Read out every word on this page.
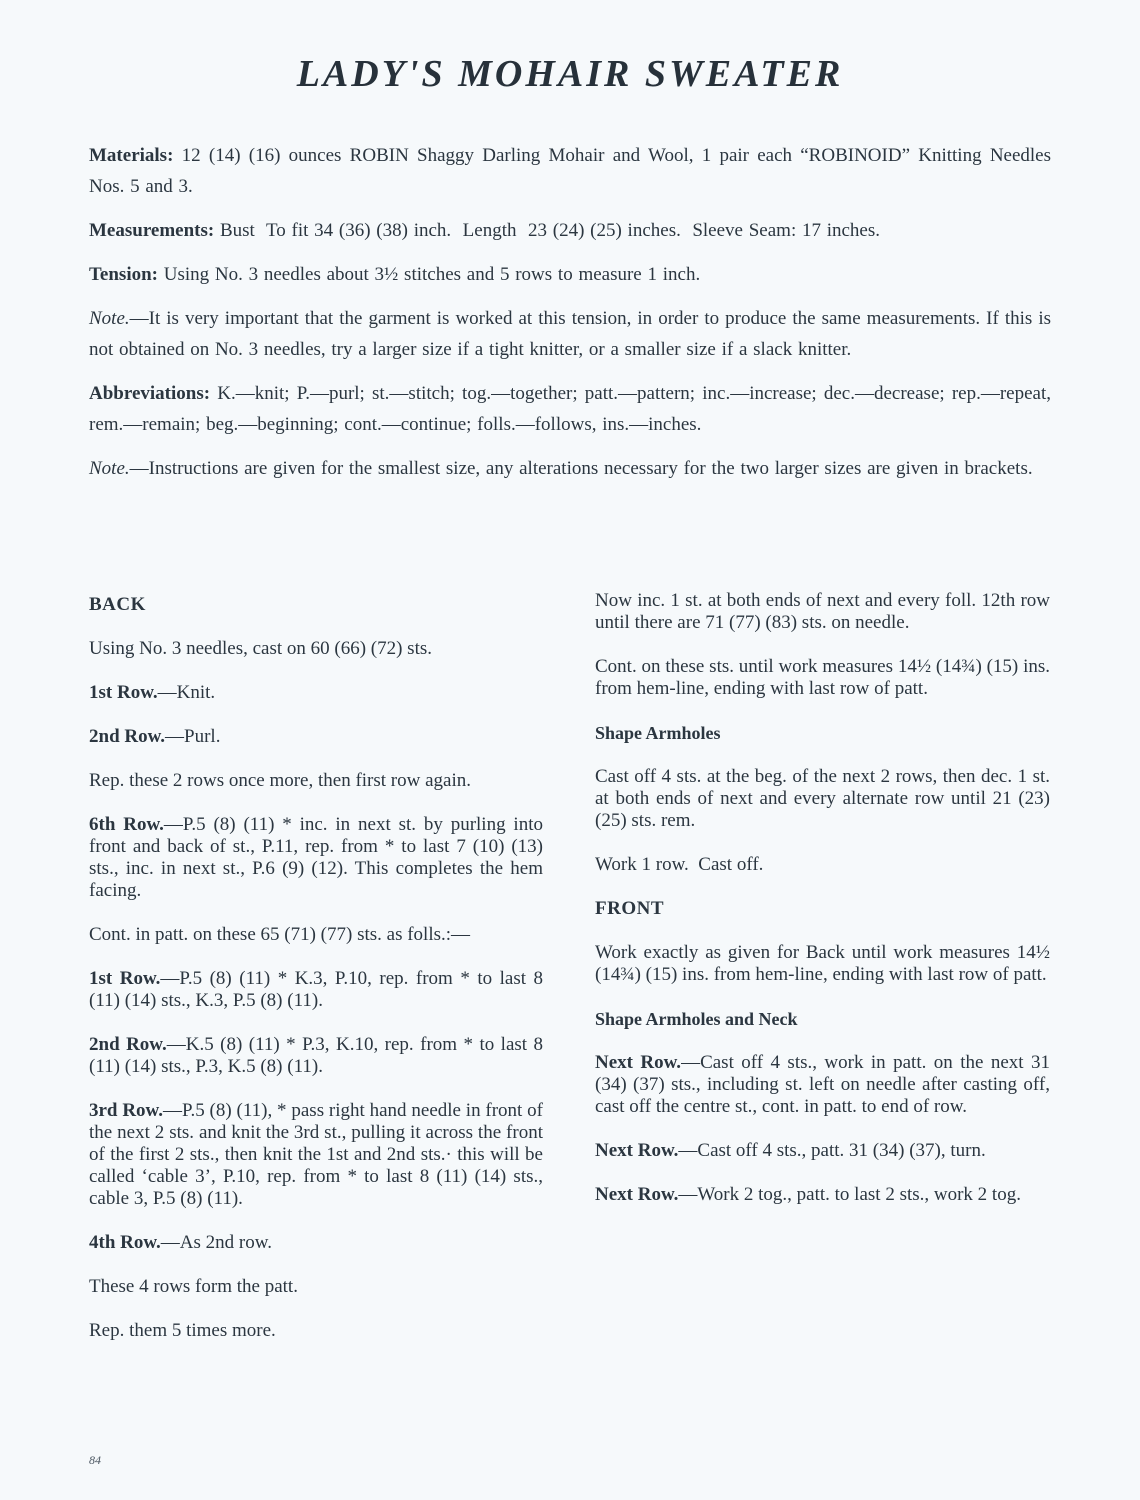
LADY'S MOHAIR SWEATER

Materials: 12 (14) (16) ounces ROBIN Shaggy Darling Mohair and Wool, 1 pair each “ROBINOID” Knitting Needles Nos. 5 and 3.

Measurements: Bust  To fit 34 (36) (38) inch.  Length  23 (24) (25) inches.  Sleeve Seam: 17 inches.

Tension: Using No. 3 needles about 3½ stitches and 5 rows to measure 1 inch.

Note.—It is very important that the garment is worked at this tension, in order to produce the same measurements. If this is not obtained on No. 3 needles, try a larger size if a tight knitter, or a smaller size if a slack knitter.

Abbreviations: K.—knit; P.—purl; st.—stitch; tog.—together; patt.—pattern; inc.—increase; dec.—decrease; rep.—repeat, rem.—remain; beg.—beginning; cont.—continue; folls.—follows, ins.—inches.

Note.—Instructions are given for the smallest size, any alterations necessary for the two larger sizes are given in brackets.

BACK

Using No. 3 needles, cast on 60 (66) (72) sts.

1st Row.—Knit.

2nd Row.—Purl.

Rep. these 2 rows once more, then first row again.

6th Row.—P.5 (8) (11) * inc. in next st. by purling into front and back of st., P.11, rep. from * to last 7 (10) (13) sts., inc. in next st., P.6 (9) (12). This completes the hem facing.

Cont. in patt. on these 65 (71) (77) sts. as folls.:—

1st Row.—P.5 (8) (11) * K.3, P.10, rep. from * to last 8 (11) (14) sts., K.3, P.5 (8) (11).

2nd Row.—K.5 (8) (11) * P.3, K.10, rep. from * to last 8 (11) (14) sts., P.3, K.5 (8) (11).

3rd Row.—P.5 (8) (11), * pass right hand needle in front of the next 2 sts. and knit the 3rd st., pulling it across the front of the first 2 sts., then knit the 1st and 2nd sts.· this will be called ‘cable 3’, P.10, rep. from * to last 8 (11) (14) sts., cable 3, P.5 (8) (11).

4th Row.—As 2nd row.

These 4 rows form the patt.

Rep. them 5 times more.

Now inc. 1 st. at both ends of next and every foll. 12th row until there are 71 (77) (83) sts. on needle.

Cont. on these sts. until work measures 14½ (14¾) (15) ins. from hem-line, ending with last row of patt.

Shape Armholes

Cast off 4 sts. at the beg. of the next 2 rows, then dec. 1 st. at both ends of next and every alternate row until 21 (23) (25) sts. rem.

Work 1 row.  Cast off.

FRONT

Work exactly as given for Back until work measures 14½ (14¾) (15) ins. from hem-line, ending with last row of patt.

Shape Armholes and Neck

Next Row.—Cast off 4 sts., work in patt. on the next 31 (34) (37) sts., including st. left on needle after casting off, cast off the centre st., cont. in patt. to end of row.

Next Row.—Cast off 4 sts., patt. 31 (34) (37), turn.

Next Row.—Work 2 tog., patt. to last 2 sts., work 2 tog.

84
